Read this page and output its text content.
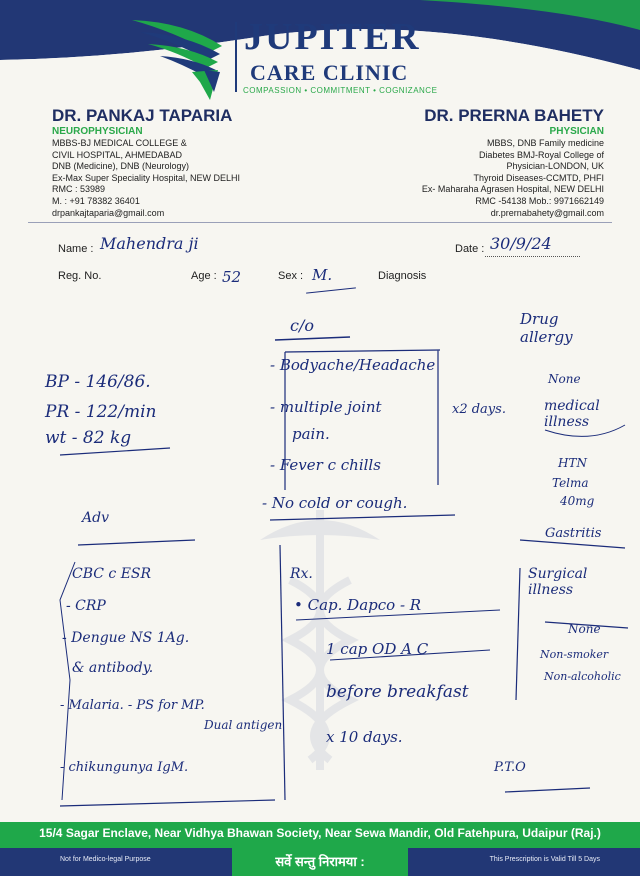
JUPITER
CARE CLINIC
COMPASSION • COMMITMENT • COGNIZANCE
DR. PANKAJ TAPARIA
NEUROPHYSICIAN
MBBS-BJ MEDICAL COLLEGE &
CIVIL HOSPITAL, AHMEDABAD
DNB (Medicine), DNB (Neurology)
Ex-Max Super Speciality Hospital, NEW DELHI
RMC : 53989
M. : +91 78382 36401
drpankajtaparia@gmail.com
DR. PRERNA BAHETY
PHYSICIAN
MBBS, DNB Family medicine
Diabetes BMJ-Royal College of
Physician-LONDON, UK
Thyroid Diseases-CCMTD, PHFI
Ex- Maharaha Agrasen Hospital, NEW DELHI
RMC -54138 Mob.: 9971662149
dr.prernabahety@gmail.com
Name : Mahendra ji	Date : 30/9/24
Reg. No.	Age : 52	Sex : M.	Diagnosis
BP - 146/86.
PR - 122/min
wt - 82 kg
c/o
- Bodyache/Headache
- multiple joint
pain.
- Fever c chills
- No cold or cough.
x2 days.
Drug allergy
None
medical illness
HTN
Telma
40mg
Gastritis
Surgical illness
None
Non-smoker
Non-alcoholic
Adv
CBC c ESR
- CRP
- Dengue NS 1Ag.
& antibody.
- Malaria. - PS for MP.
Dual antigen
- chikungunya IgM.
Rx.
• Cap. Dapco - R
1 cap OD A C
before breakfast
x 10 days.
P.T.O
15/4 Sagar Enclave, Near Vidhya Bhawan Society, Near Sewa Mandir, Old Fatehpura, Udaipur (Raj.)
सर्वे सन्तु निरामया :
Not for Medico-legal Purpose	This Prescription is Valid Till 5 Days
